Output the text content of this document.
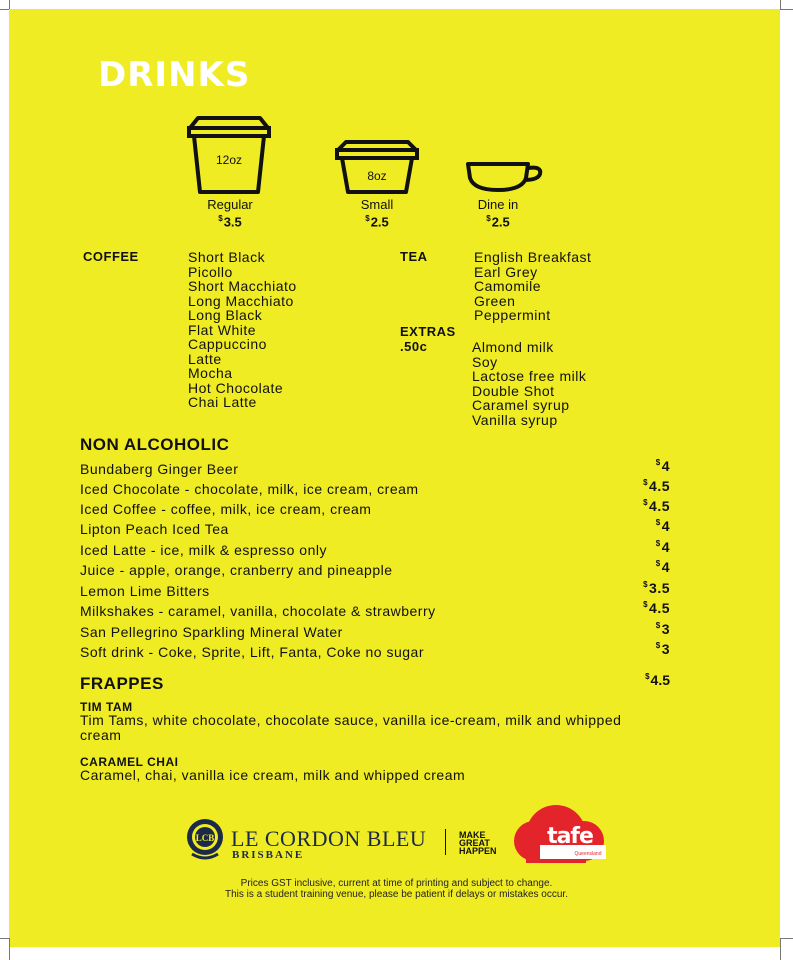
DRINKS
12oz
Regular
$3.5
8oz
Small
$2.5
Dine in
$2.5
COFFEE	Short Black
Picollo
Short Macchiato
Long Macchiato
Long Black
Flat White
Cappuccino
Latte
Mocha
Hot Chocolate
Chai Latte
TEA	English Breakfast
Earl Grey
Camomile
Green
Peppermint
EXTRAS
.50c	Almond milk
Soy
Lactose free milk
Double Shot
Caramel syrup
Vanilla syrup
NON ALCOHOLIC
Bundaberg Ginger Beer	$4
Iced Chocolate - chocolate, milk, ice cream, cream	$4.5
Iced Coffee - coffee, milk, ice cream, cream	$4.5
Lipton Peach Iced Tea	$4
Iced Latte - ice, milk & espresso only	$4
Juice - apple, orange, cranberry and pineapple	$4
Lemon Lime Bitters	$3.5
Milkshakes - caramel, vanilla, chocolate & strawberry	$4.5
San Pellegrino Sparkling Mineral Water	$3
Soft drink - Coke, Sprite, Lift, Fanta, Coke no sugar	$3
FRAPPES	$4.5
TIM TAM
Tim Tams, white chocolate, chocolate sauce, vanilla ice-cream, milk and whipped cream
CARAMEL CHAI
Caramel, chai, vanilla ice cream, milk and whipped cream
LCB LE CORDON BLEU
BRISBANE
MAKE
GREAT
HAPPEN
tafe
Queensland
Prices GST inclusive, current at time of printing and subject to change.
This is a student training venue, please be patient if delays or mistakes occur.
